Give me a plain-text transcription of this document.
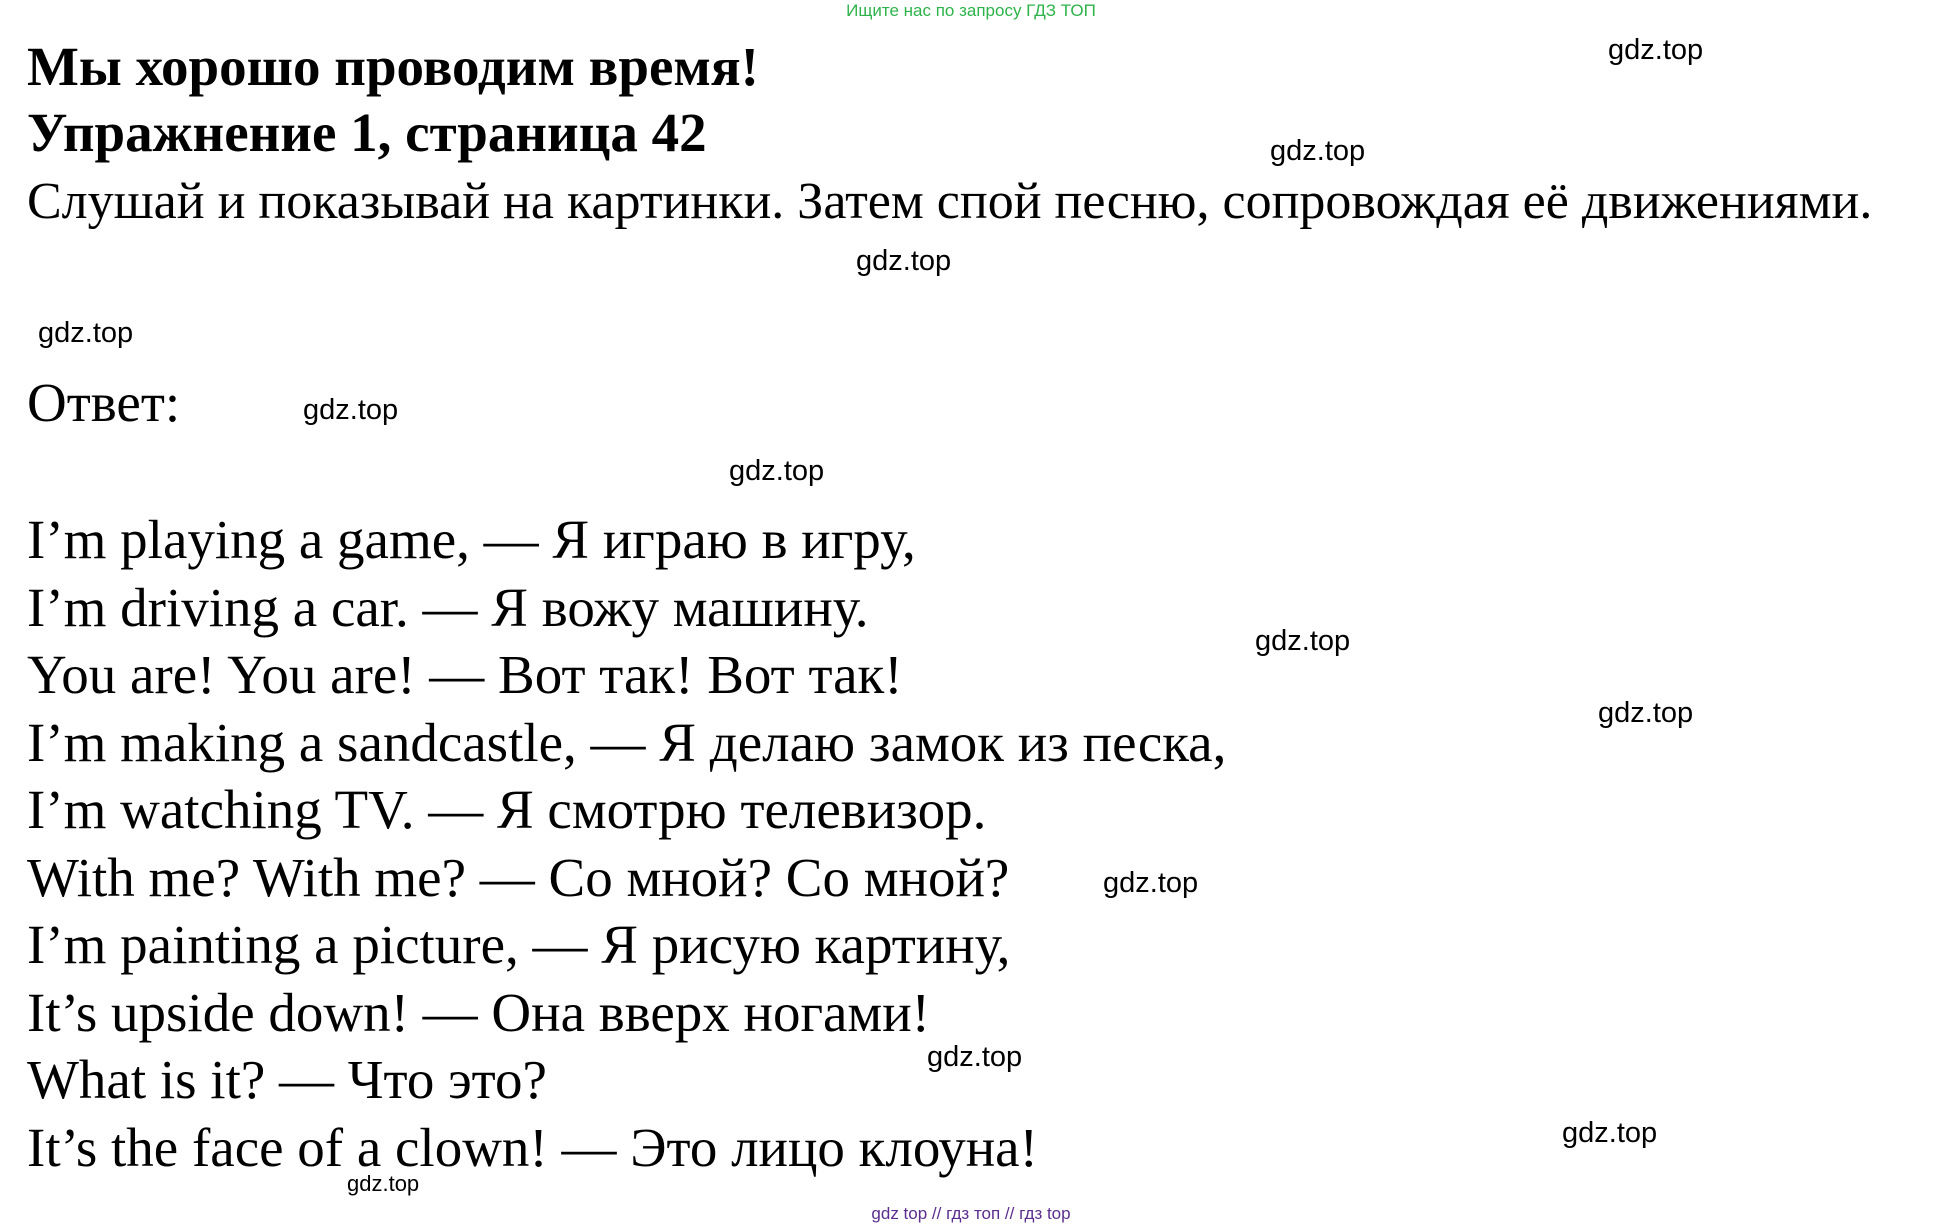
Ищите нас по запросу ГДЗ ТОП
Мы хорошо проводим время!
Упражнение 1, страница 42
Слушай и показывай на картинки. Затем спой песню, сопровождая её движениями.
Ответ:
I’m playing a game, — Я играю в игру,
I’m driving a car. — Я вожу машину.
You are! You are! — Вот так! Вот так!
I’m making a sandcastle, — Я делаю замок из песка,
I’m watching TV. — Я смотрю телевизор.
With me? With me? — Со мной? Со мной?
I’m painting a picture, — Я рисую картину,
It’s upside down! — Она вверх ногами!
What is it? — Что это?
It’s the face of a clown! — Это лицо клоуна!
gdz.top
gdz.top
gdz.top
gdz.top
gdz.top
gdz.top
gdz.top
gdz.top
gdz.top
gdz.top
gdz.top
gdz.top
gdz top // гдз топ // гдз top
